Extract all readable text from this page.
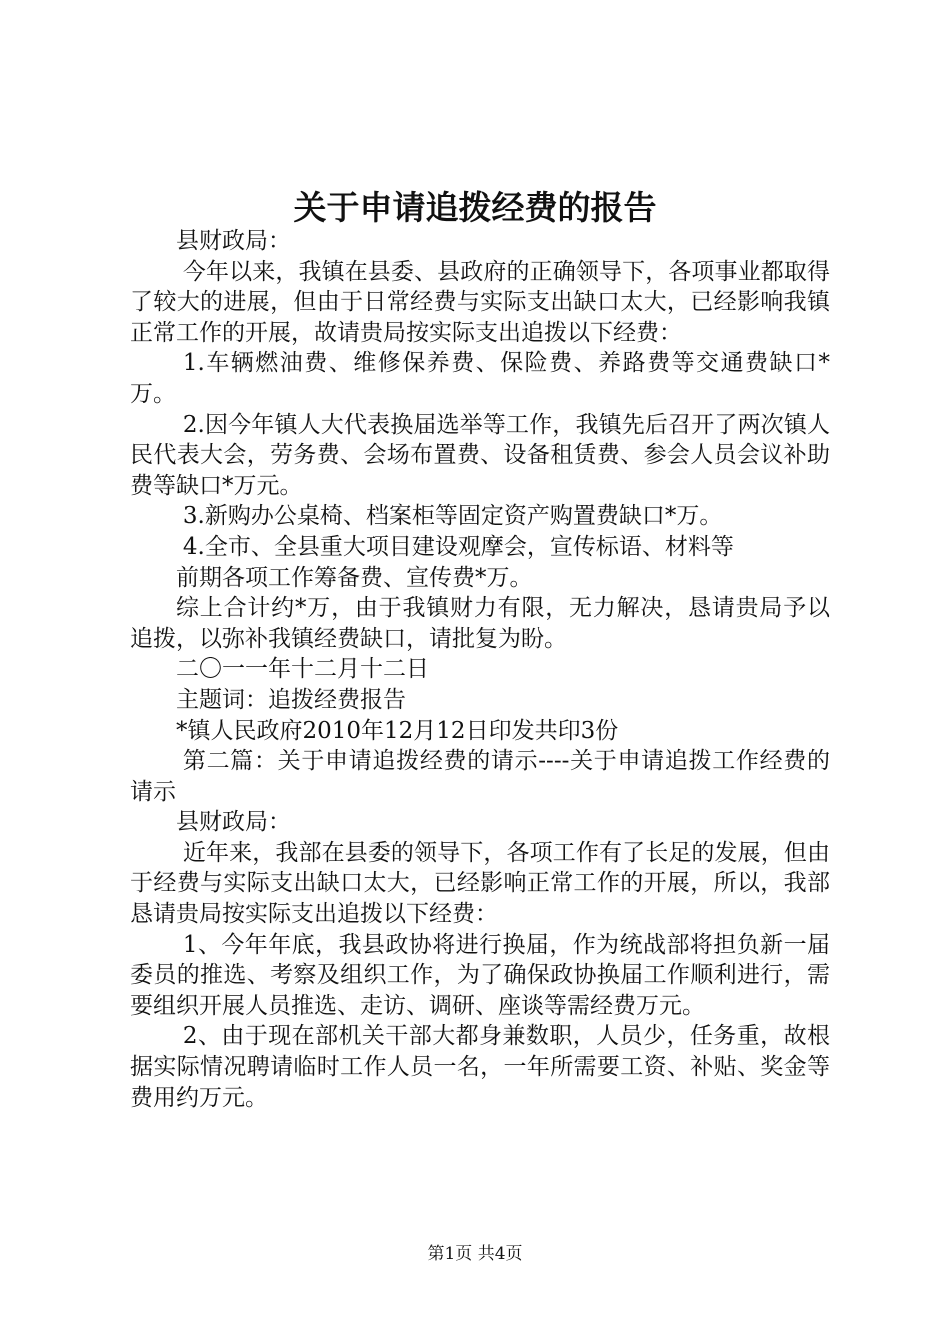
关于申请追拨经费的报告

县财政局：

今年以来，我镇在县委、县政府的正确领导下，各项事业都取得了较大的进展，但由于日常经费与实际支出缺口太大，已经影响我镇正常工作的开展，故请贵局按实际支出追拨以下经费：

1.车辆燃油费、维修保养费、保险费、养路费等交通费缺口*万。

2.因今年镇人大代表换届选举等工作，我镇先后召开了两次镇人民代表大会，劳务费、会场布置费、设备租赁费、参会人员会议补助费等缺口*万元。

3.新购办公桌椅、档案柜等固定资产购置费缺口*万。

4.全市、全县重大项目建设观摩会，宣传标语、材料等

前期各项工作筹备费、宣传费*万。

综上合计约*万，由于我镇财力有限，无力解决，恳请贵局予以追拨，以弥补我镇经费缺口，请批复为盼。

二〇一一年十二月十二日

主题词：追拨经费报告

*镇人民政府2010年12月12日印发共印3份

第二篇：关于申请追拨经费的请示----关于申请追拨工作经费的请示

县财政局：

近年来，我部在县委的领导下，各项工作有了长足的发展，但由于经费与实际支出缺口太大，已经影响正常工作的开展，所以，我部恳请贵局按实际支出追拨以下经费：

1、今年年底，我县政协将进行换届，作为统战部将担负新一届委员的推选、考察及组织工作，为了确保政协换届工作顺利进行，需要组织开展人员推选、走访、调研、座谈等需经费万元。

2、由于现在部机关干部大都身兼数职，人员少，任务重，故根据实际情况聘请临时工作人员一名，一年所需要工资、补贴、奖金等费用约万元。

第1页 共4页
